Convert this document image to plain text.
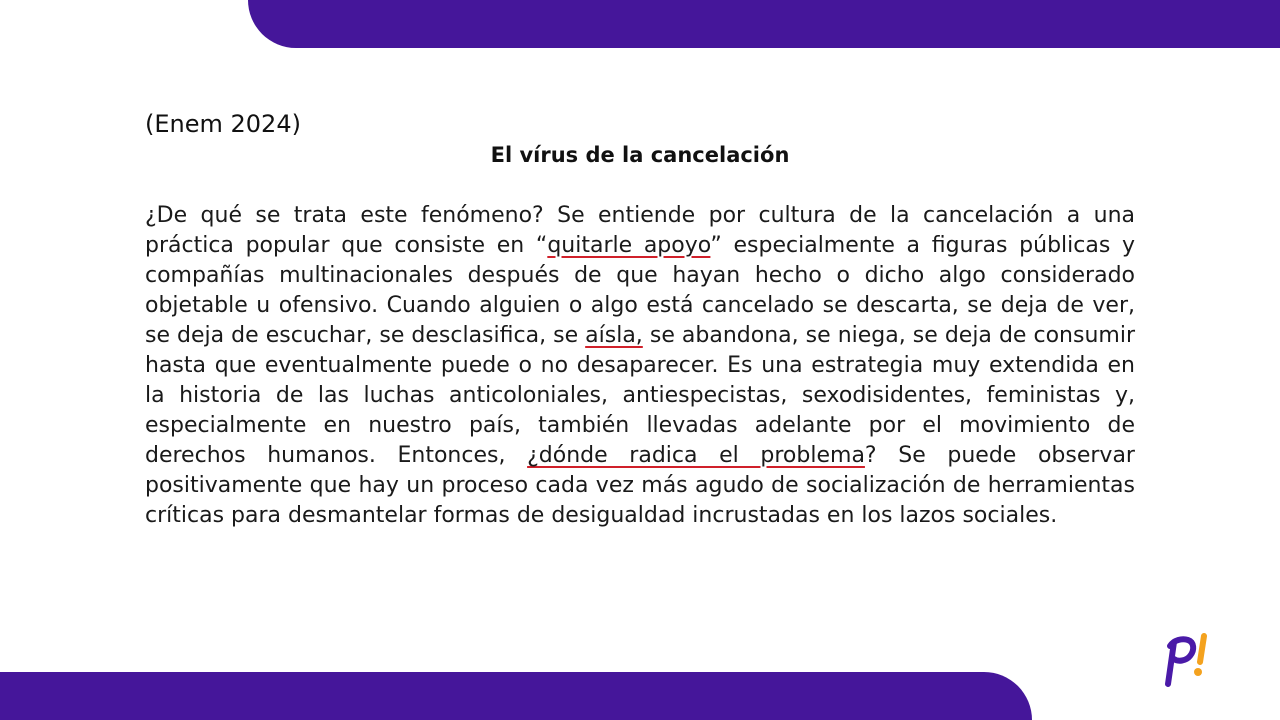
(Enem 2024)

El vírus de la cancelación

¿De qué se trata este fenómeno? Se entiende por cultura de la cancelación a una práctica popular que consiste en “quitarle apoyo” especialmente a figuras públicas y compañías multinacionales después de que hayan hecho o dicho algo considerado objetable u ofensivo. Cuando alguien o algo está cancelado se descarta, se deja de ver, se deja de escuchar, se desclasifica, se aísla, se abandona, se niega, se deja de consumir hasta que eventualmente puede o no desaparecer. Es una estrategia muy extendida en la historia de las luchas anticoloniales, antiespecistas, sexodisidentes, feministas y, especialmente en nuestro país, también llevadas adelante por el movimiento de derechos humanos. Entonces, ¿dónde radica el problema? Se puede observar positivamente que hay un proceso cada vez más agudo de socialización de herramientas críticas para desmantelar formas de desigualdad incrustadas en los lazos sociales.
